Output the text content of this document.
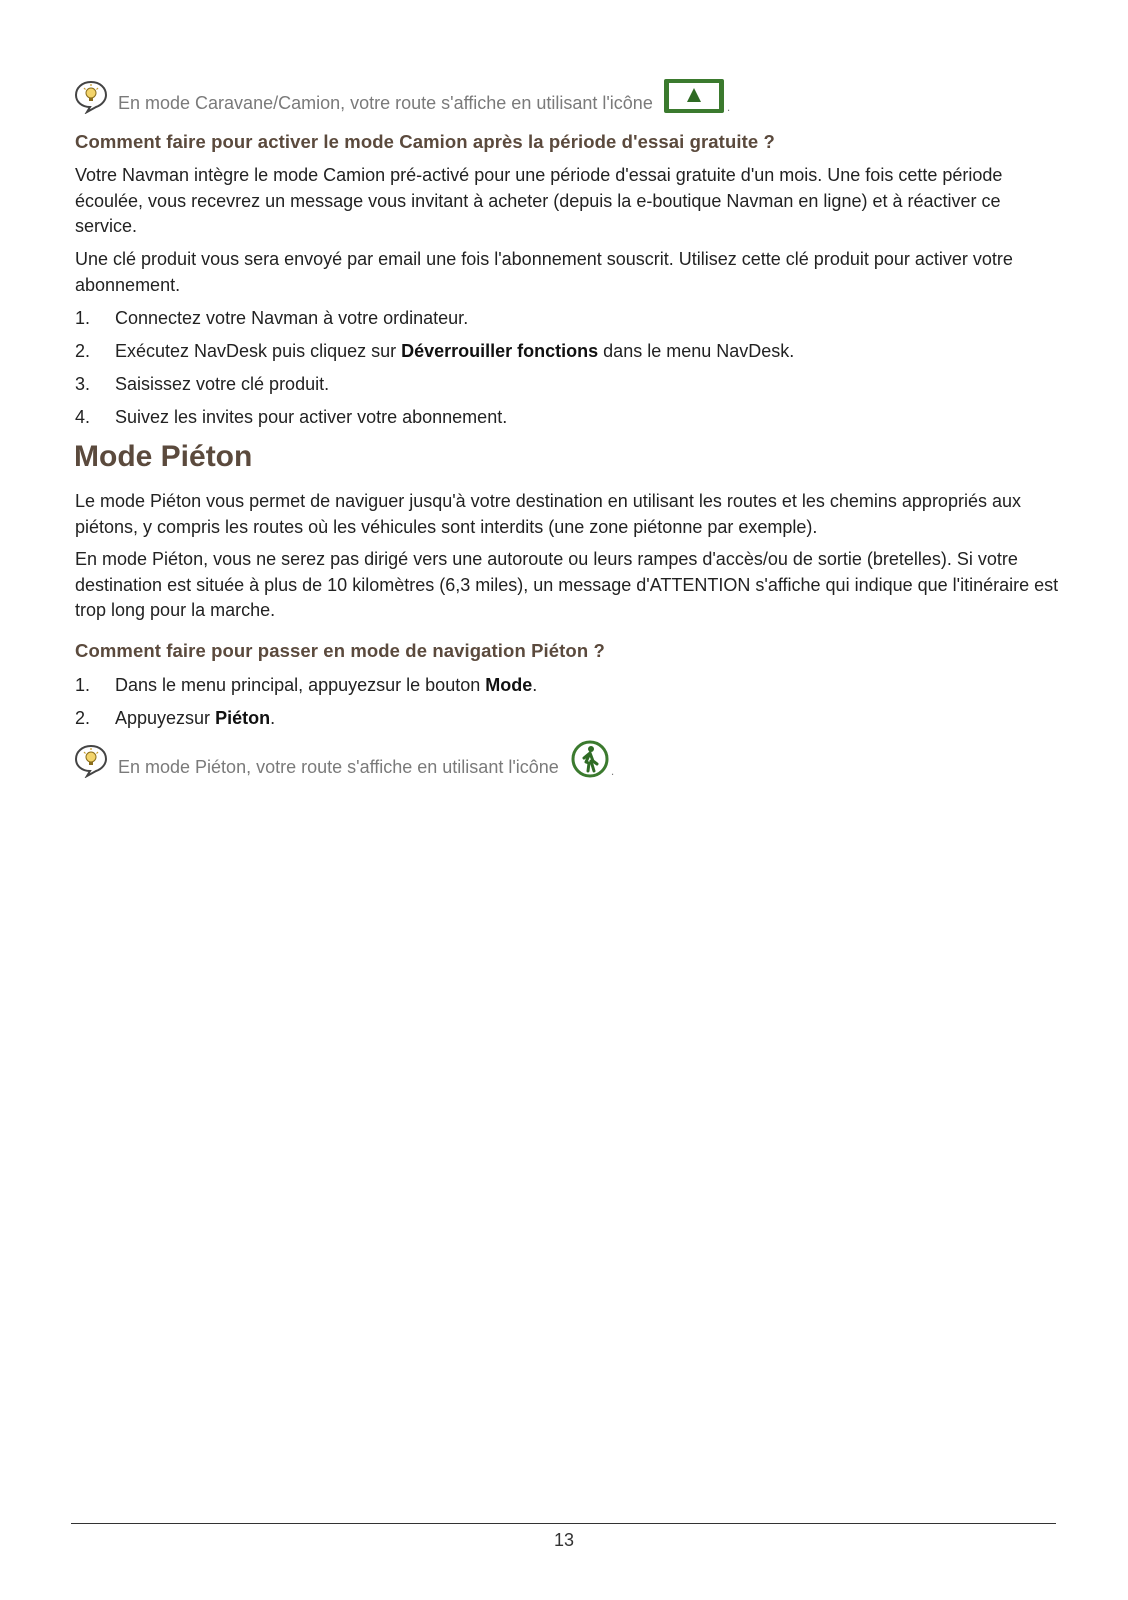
En mode Caravane/Camion, votre route s'affiche en utilisant l'icône	.
Comment faire pour activer le mode Camion après la période d'essai gratuite ?
Votre Navman intègre le mode Camion pré-activé pour une période d'essai gratuite d'un mois. Une fois cette période écoulée, vous recevrez un message vous invitant à acheter (depuis la e-boutique Navman en ligne) et à réactiver ce service.
Une clé produit vous sera envoyé par email une fois l'abonnement souscrit. Utilisez cette clé produit pour activer votre abonnement.
1. Connectez votre Navman à votre ordinateur.
2. Exécutez NavDesk puis cliquez sur Déverrouiller fonctions dans le menu NavDesk.
3. Saisissez votre clé produit.
4. Suivez les invites pour activer votre abonnement.
Mode Piéton
Le mode Piéton vous permet de naviguer jusqu'à votre destination en utilisant les routes et les chemins appropriés aux piétons, y compris les routes où les véhicules sont interdits (une zone piétonne par exemple).
En mode Piéton, vous ne serez pas dirigé vers une autoroute ou leurs rampes d'accès/ou de sortie (bretelles). Si votre destination est située à plus de 10 kilomètres (6,3 miles), un message d'ATTENTION s'affiche qui indique que l'itinéraire est trop long pour la marche.
Comment faire pour passer en mode de navigation Piéton ?
1. Dans le menu principal, appuyezsur le bouton Mode.
2. Appuyezsur Piéton.
En mode Piéton, votre route s'affiche en utilisant l'icône	.
13
